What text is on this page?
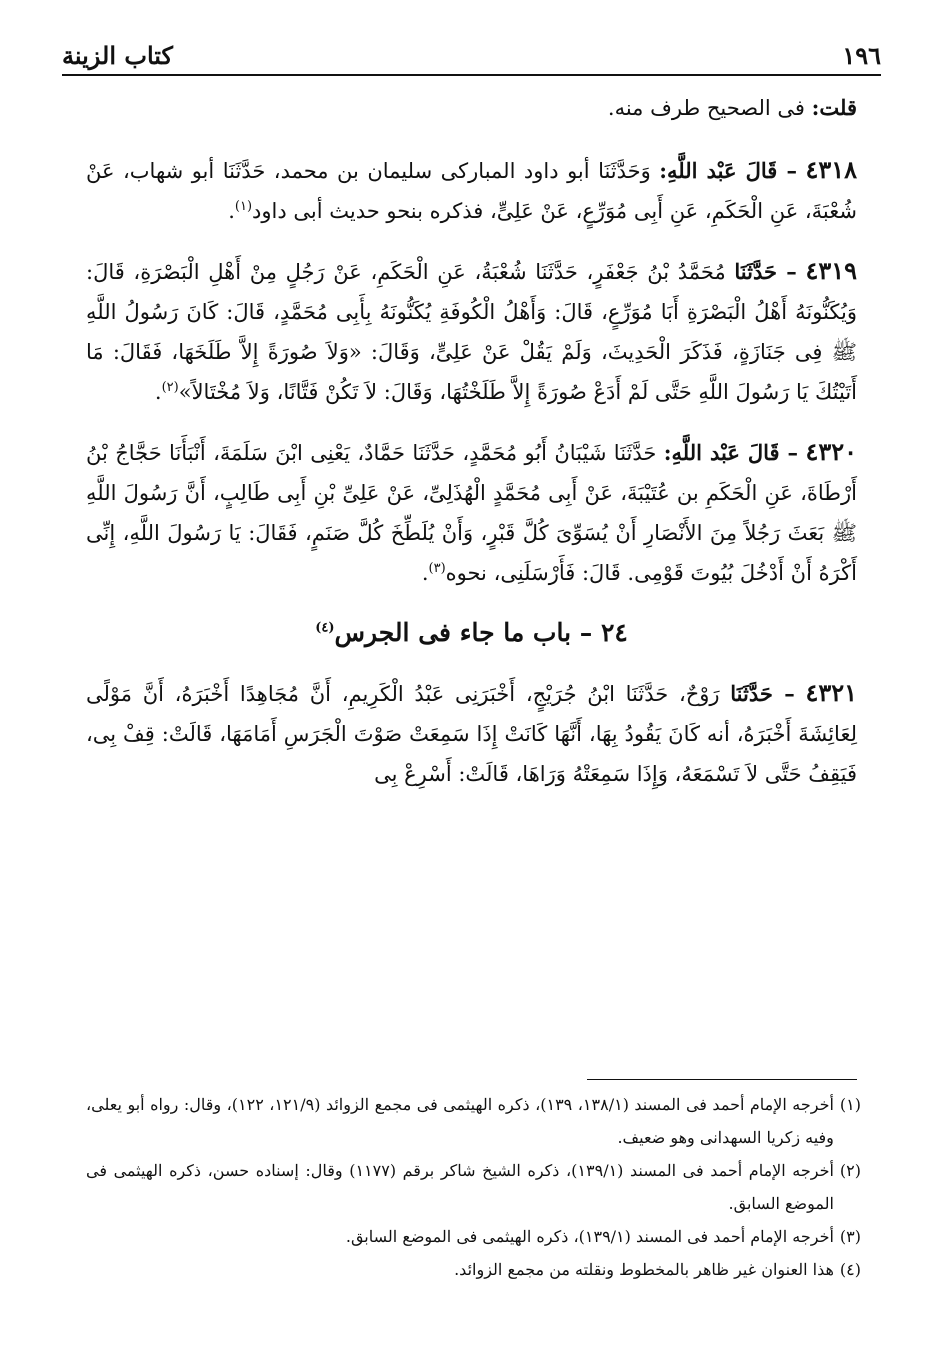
١٩٦
كتاب الزينة

قلت: فى الصحيح طرف منه.

٤٣١٨ – قَالَ عَبْد اللَّهِ: وَحَدَّثَنَا أبو داود المباركى سليمان بن محمد، حَدَّثَنَا أبو شهاب، عَنْ شُعْبَةَ، عَنِ الْحَكَمِ، عَنِ أَبِى مُوَرِّعٍ، عَنْ عَلِىٍّ، فذكره بنحو حديث أبى داود$^{(١)}$.

٤٣١٩ – حَدَّثَنَا مُحَمَّدُ بْنُ جَعْفَرٍ، حَدَّثَنَا شُعْبَةُ، عَنِ الْحَكَمِ، عَنْ رَجُلٍ مِنْ أَهْلِ الْبَصْرَةِ، قَالَ: وَيُكَنُّونَهُ أَهْلُ الْبَصْرَةِ أَبَا مُوَرِّعٍ، قَالَ: وَأَهْلُ الْكُوفَةِ يُكَنُّونَهُ بِأَبِى مُحَمَّدٍ، قَالَ: كَانَ رَسُولُ اللَّهِ ﷺ فِى جَنَازَةٍ، فَذَكَرَ الْحَدِيثَ، وَلَمْ يَقُلْ عَنْ عَلِىٍّ، وَقَالَ: «وَلاَ صُورَةً إِلاَّ طَلَخَهَا، فَقَالَ: مَا أَتَيْتُكَ يَا رَسُولَ اللَّهِ حَتَّى لَمْ أَدَعْ صُورَةً إِلاَّ طَلَخْتُهَا، وَقَالَ: لاَ تَكُنْ فَتَّانًا، وَلاَ مُخْتَالاً»$^{(٢)}$.

٤٣٢٠ – قَالَ عَبْد اللَّهِ: حَدَّثَنَا شَيْبَانُ أَبُو مُحَمَّدٍ، حَدَّثَنَا حَمَّادٌ، يَعْنِى ابْنَ سَلَمَةَ، أَنْبَأَنَا حَجَّاجُ بْنُ أَرْطَاةَ، عَنِ الْحَكَمِ بن عُتَيْبَةَ، عَنْ أَبِى مُحَمَّدٍ الْهُذَلِىِّ، عَنْ عَلِىِّ بْنِ أَبِى طَالِبٍ، أَنَّ رَسُولَ اللَّهِ ﷺ بَعَثَ رَجُلاً مِنَ الأَنْصَارِ أَنْ يُسَوِّىَ كُلَّ قَبْرٍ، وَأَنْ يُلَطِّخَ كُلَّ صَنَمٍ، فَقَالَ: يَا رَسُولَ اللَّهِ، إِنِّى أَكْرَهُ أَنْ أَدْخُلَ بُيُوتَ قَوْمِى. قَالَ: فَأَرْسَلَنِى، نحوه$^{(٣)}$.

٢٤ – باب ما جاء فى الجرس$^{(٤)}$

٤٣٢١ – حَدَّثَنَا رَوْحٌ، حَدَّثَنَا ابْنُ جُرَيْجٍ، أَخْبَرَنِى عَبْدُ الْكَرِيمِ، أَنَّ مُجَاهِدًا أَخْبَرَهُ، أَنَّ مَوْلًى لِعَائِشَةَ أَخْبَرَهُ، أنه كَانَ يَقُودُ بِهَا، أَنَّهَا كَانَتْ إِذَا سَمِعَتْ صَوْتَ الْجَرَسِ أَمَامَهَا، قَالَتْ: قِفْ بِى، فَيَقِفُ حَتَّى لاَ تَسْمَعَهُ، وَإِذَا سَمِعَتْهُ وَرَاهَا، قَالَتْ: أَسْرِعْ بِى

(١)
أخرجه الإمام أحمد فى المسند (١٣٨/١، ١٣٩)، ذكره الهيثمى فى مجمع الزوائد (١٢١/٩، ١٢٢)، وقال: رواه أبو يعلى، وفيه زكريا السهدانى وهو ضعيف.
(٢)
أخرجه الإمام أحمد فى المسند (١٣٩/١)، ذكره الشيخ شاكر برقم (١١٧٧) وقال: إسناده حسن، ذكره الهيثمى فى الموضع السابق.
(٣)
أخرجه الإمام أحمد فى المسند (١٣٩/١)، ذكره الهيثمى فى الموضع السابق.
(٤)
هذا العنوان غير ظاهر بالمخطوط ونقلته من مجمع الزوائد.
